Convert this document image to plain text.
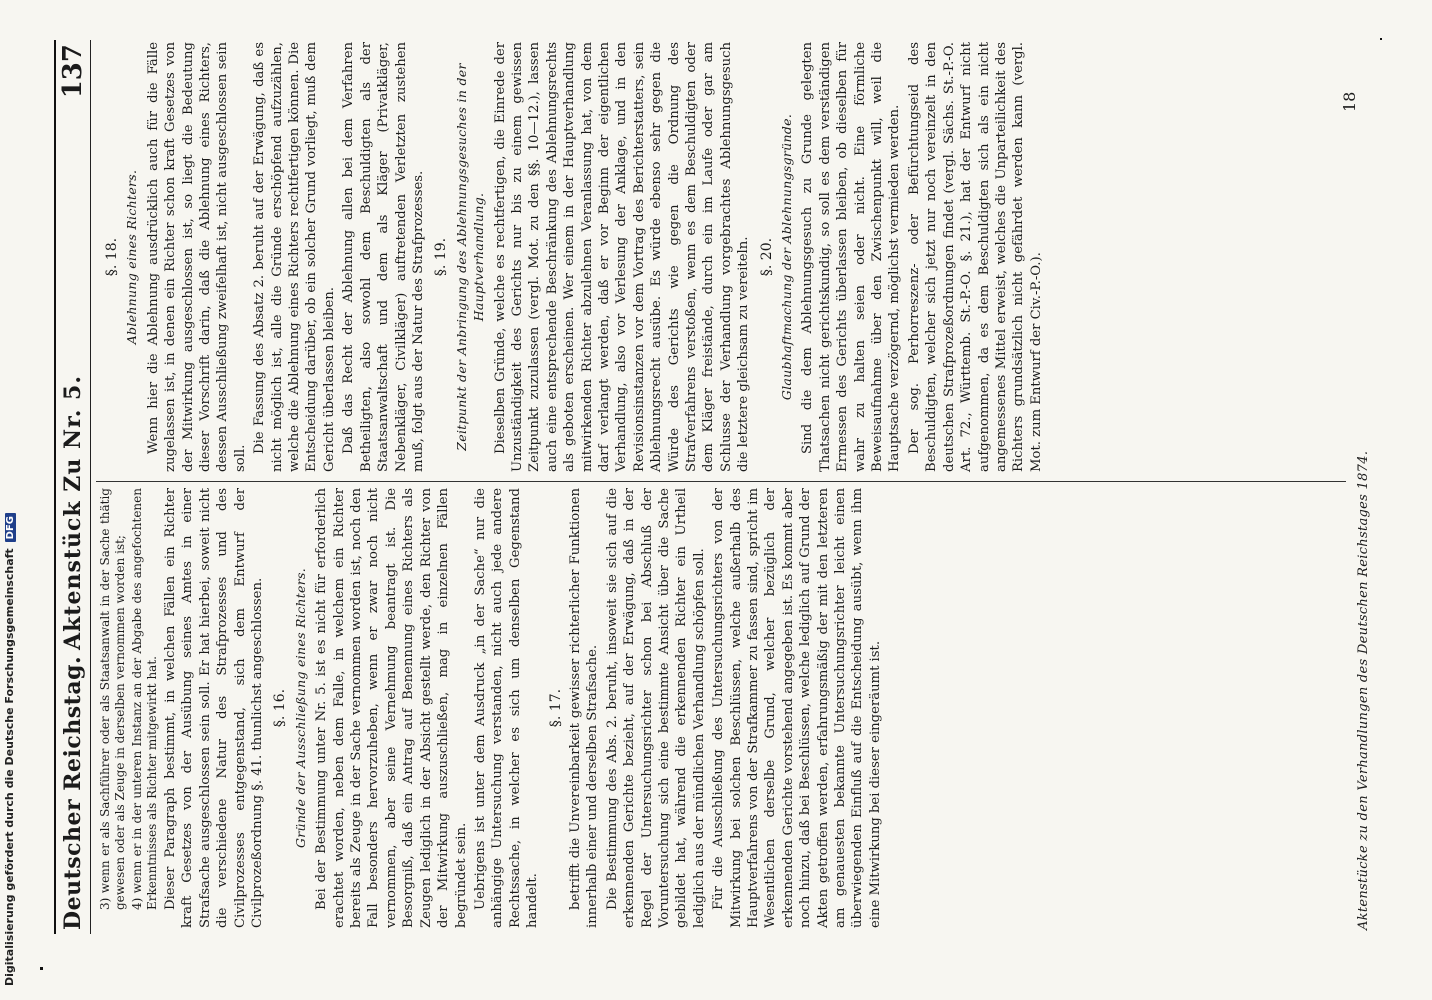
Deutscher Reichstag.
Aktenstück Zu Nr. 5.
137

3) wenn er als Sachführer oder als Staatsanwalt in der Sache thätig gewesen oder als Zeuge in derselben vernommen worden ist; 4) wenn er in der unteren Instanz an der Abgabe des angefochtenen Erkenntnisses als Richter mitgewirkt hat. Dieser Paragraph bestimmt, in welchen Fällen ein Richter kraft Gesetzes von der Ausübung seines Amtes in einer Strafsache ausgeschlossen sein soll. Er hat hierbei, soweit nicht die verschiedene Natur des Strafprozesses und des Civilprozesses entgegenstand, sich dem Entwurf der Civilprozeßordnung §. 41. thunlichst angeschlossen. §. 16. Gründe der Ausschließung eines Richters. Bei der Bestimmung unter Nr. 5. ist es nicht für erforderlich erachtet worden, neben dem Falle, in welchem ein Richter bereits als Zeuge in der Sache vernommen worden ist, noch den Fall besonders hervorzuheben, wenn er zwar noch nicht vernommen, aber seine Vernehmung beantragt ist. Die Besorgniß, daß ein Antrag auf Benennung eines Richters als Zeugen lediglich in der Absicht gestellt werde, den Richter von der Mitwirkung auszuschließen, mag in einzelnen Fällen begründet sein. Uebrigens ist unter dem Ausdruck „in der Sache“ nur die anhängige Untersuchung verstanden, nicht auch jede andere Rechtssache, in welcher es sich um denselben Gegenstand handelt.

§. 17. betrifft die Unvereinbarkeit gewisser richterlicher Funktionen innerhalb einer und derselben Strafsache. Die Bestimmung des Abs. 2. beruht, insoweit sie sich auf die erkennenden Gerichte bezieht, auf der Erwägung, daß in der Regel der Untersuchungsrichter schon bei Abschluß der Voruntersuchung sich eine bestimmte Ansicht über die Sache gebildet hat, während die erkennenden Richter ein Urtheil lediglich aus der mündlichen Verhandlung schöpfen soll. Für die Ausschließung des Untersuchungsrichters von der Mitwirkung bei solchen Beschlüssen, welche außerhalb des Hauptverfahrens von der Strafkammer zu fassen sind, spricht im Wesentlichen derselbe Grund, welcher bezüglich der erkennenden Gerichte vorstehend angegeben ist. Es kommt aber noch hinzu, daß bei Beschlüssen, welche lediglich auf Grund der Akten getroffen werden, erfahrungsmäßig der mit den letzteren am genauesten bekannte Untersuchungsrichter leicht einen überwiegenden Einfluß auf die Entscheidung ausübt, wenn ihm eine Mitwirkung bei dieser eingeräumt ist.

§. 18. Ablehnung eines Richters. Wenn hier die Ablehnung ausdrücklich auch für die Fälle zugelassen ist, in denen ein Richter schon kraft Gesetzes von der Mitwirkung ausgeschlossen ist, so liegt die Bedeutung dieser Vorschrift darin, daß die Ablehnung eines Richters, dessen Ausschließung zweifelhaft ist, nicht ausgeschlossen sein soll.

Die Fassung des Absatz 2. beruht auf der Erwägung, daß es nicht möglich ist, alle die Gründe erschöpfend aufzuzählen, welche die Ablehnung eines Richters rechtfertigen können. Die Entscheidung darüber, ob ein solcher Grund vorliegt, muß dem Gericht überlassen bleiben. Daß das Recht der Ablehnung allen bei dem Verfahren Betheiligten, also sowohl dem Beschuldigten als der Staatsanwaltschaft und dem als Kläger (Privatkläger, Nebenkläger, Civilkläger) auftretenden Verletzten zustehen muß, folgt aus der Natur des Strafprozesses. §. 19. Zeitpunkt der Anbringung des Ablehnungsgesuches in der Hauptverhandlung. Dieselben Gründe, welche es rechtfertigen, die Einrede der Unzuständigkeit des Gerichts nur bis zu einem gewissen Zeitpunkt zuzulassen (vergl. Mot. zu den §§. 10—12.), lassen auch eine entsprechende Beschränkung des Ablehnungsrechts als geboten erscheinen. Wer einem in der Hauptverhandlung mitwirkenden Richter abzulehnen Veranlassung hat, von dem darf verlangt werden, daß er vor Beginn der eigentlichen Verhandlung, also vor Verlesung der Anklage, und in den Revisionsinstanzen vor dem Vortrag des Berichterstatters, sein Ablehnungsrecht ausübe. Es würde ebenso sehr gegen die Würde des Gerichts wie gegen die Ordnung des Strafverfahrens verstoßen, wenn es dem Beschuldigten oder dem Kläger freistände, durch ein im Laufe oder gar am Schlusse der Verhandlung vorgebrachtes Ablehnungsgesuch die letztere gleichsam zu vereiteln. §. 20. Glaubhaftmachung der Ablehnungsgründe. Sind die dem Ablehnungsgesuch zu Grunde gelegten Thatsachen nicht gerichtskundig, so soll es dem verständigen Ermessen des Gerichts überlassen bleiben, ob dieselben für wahr zu halten seien oder nicht. Eine förmliche Beweisaufnahme über den Zwischenpunkt will, weil die Hauptsache verzögernd, möglichst vermieden werden. Der sog. Perhorreszenz- oder Befürchtungseid des Beschuldigten, welcher sich jetzt nur noch vereinzelt in den deutschen Strafprozeßordnungen findet (vergl. Sächs. St.-P.-O. Art. 72., Württemb. St.-P.-O. §. 21.), hat der Entwurf nicht aufgenommen, da es dem Beschuldigten sich als ein nicht angemessenes Mittel erweist, welches die Unparteilichkeit des Richters grundsätzlich nicht gefährdet werden kann (vergl. Mot. zum Entwurf der Civ.-P.-O.).

Aktenstücke zu den Verhandlungen des Deutschen Reichstages 1874.
18
Digitalisierung gefördert durch die Deutsche ForschungsgemeinschaftDFG
